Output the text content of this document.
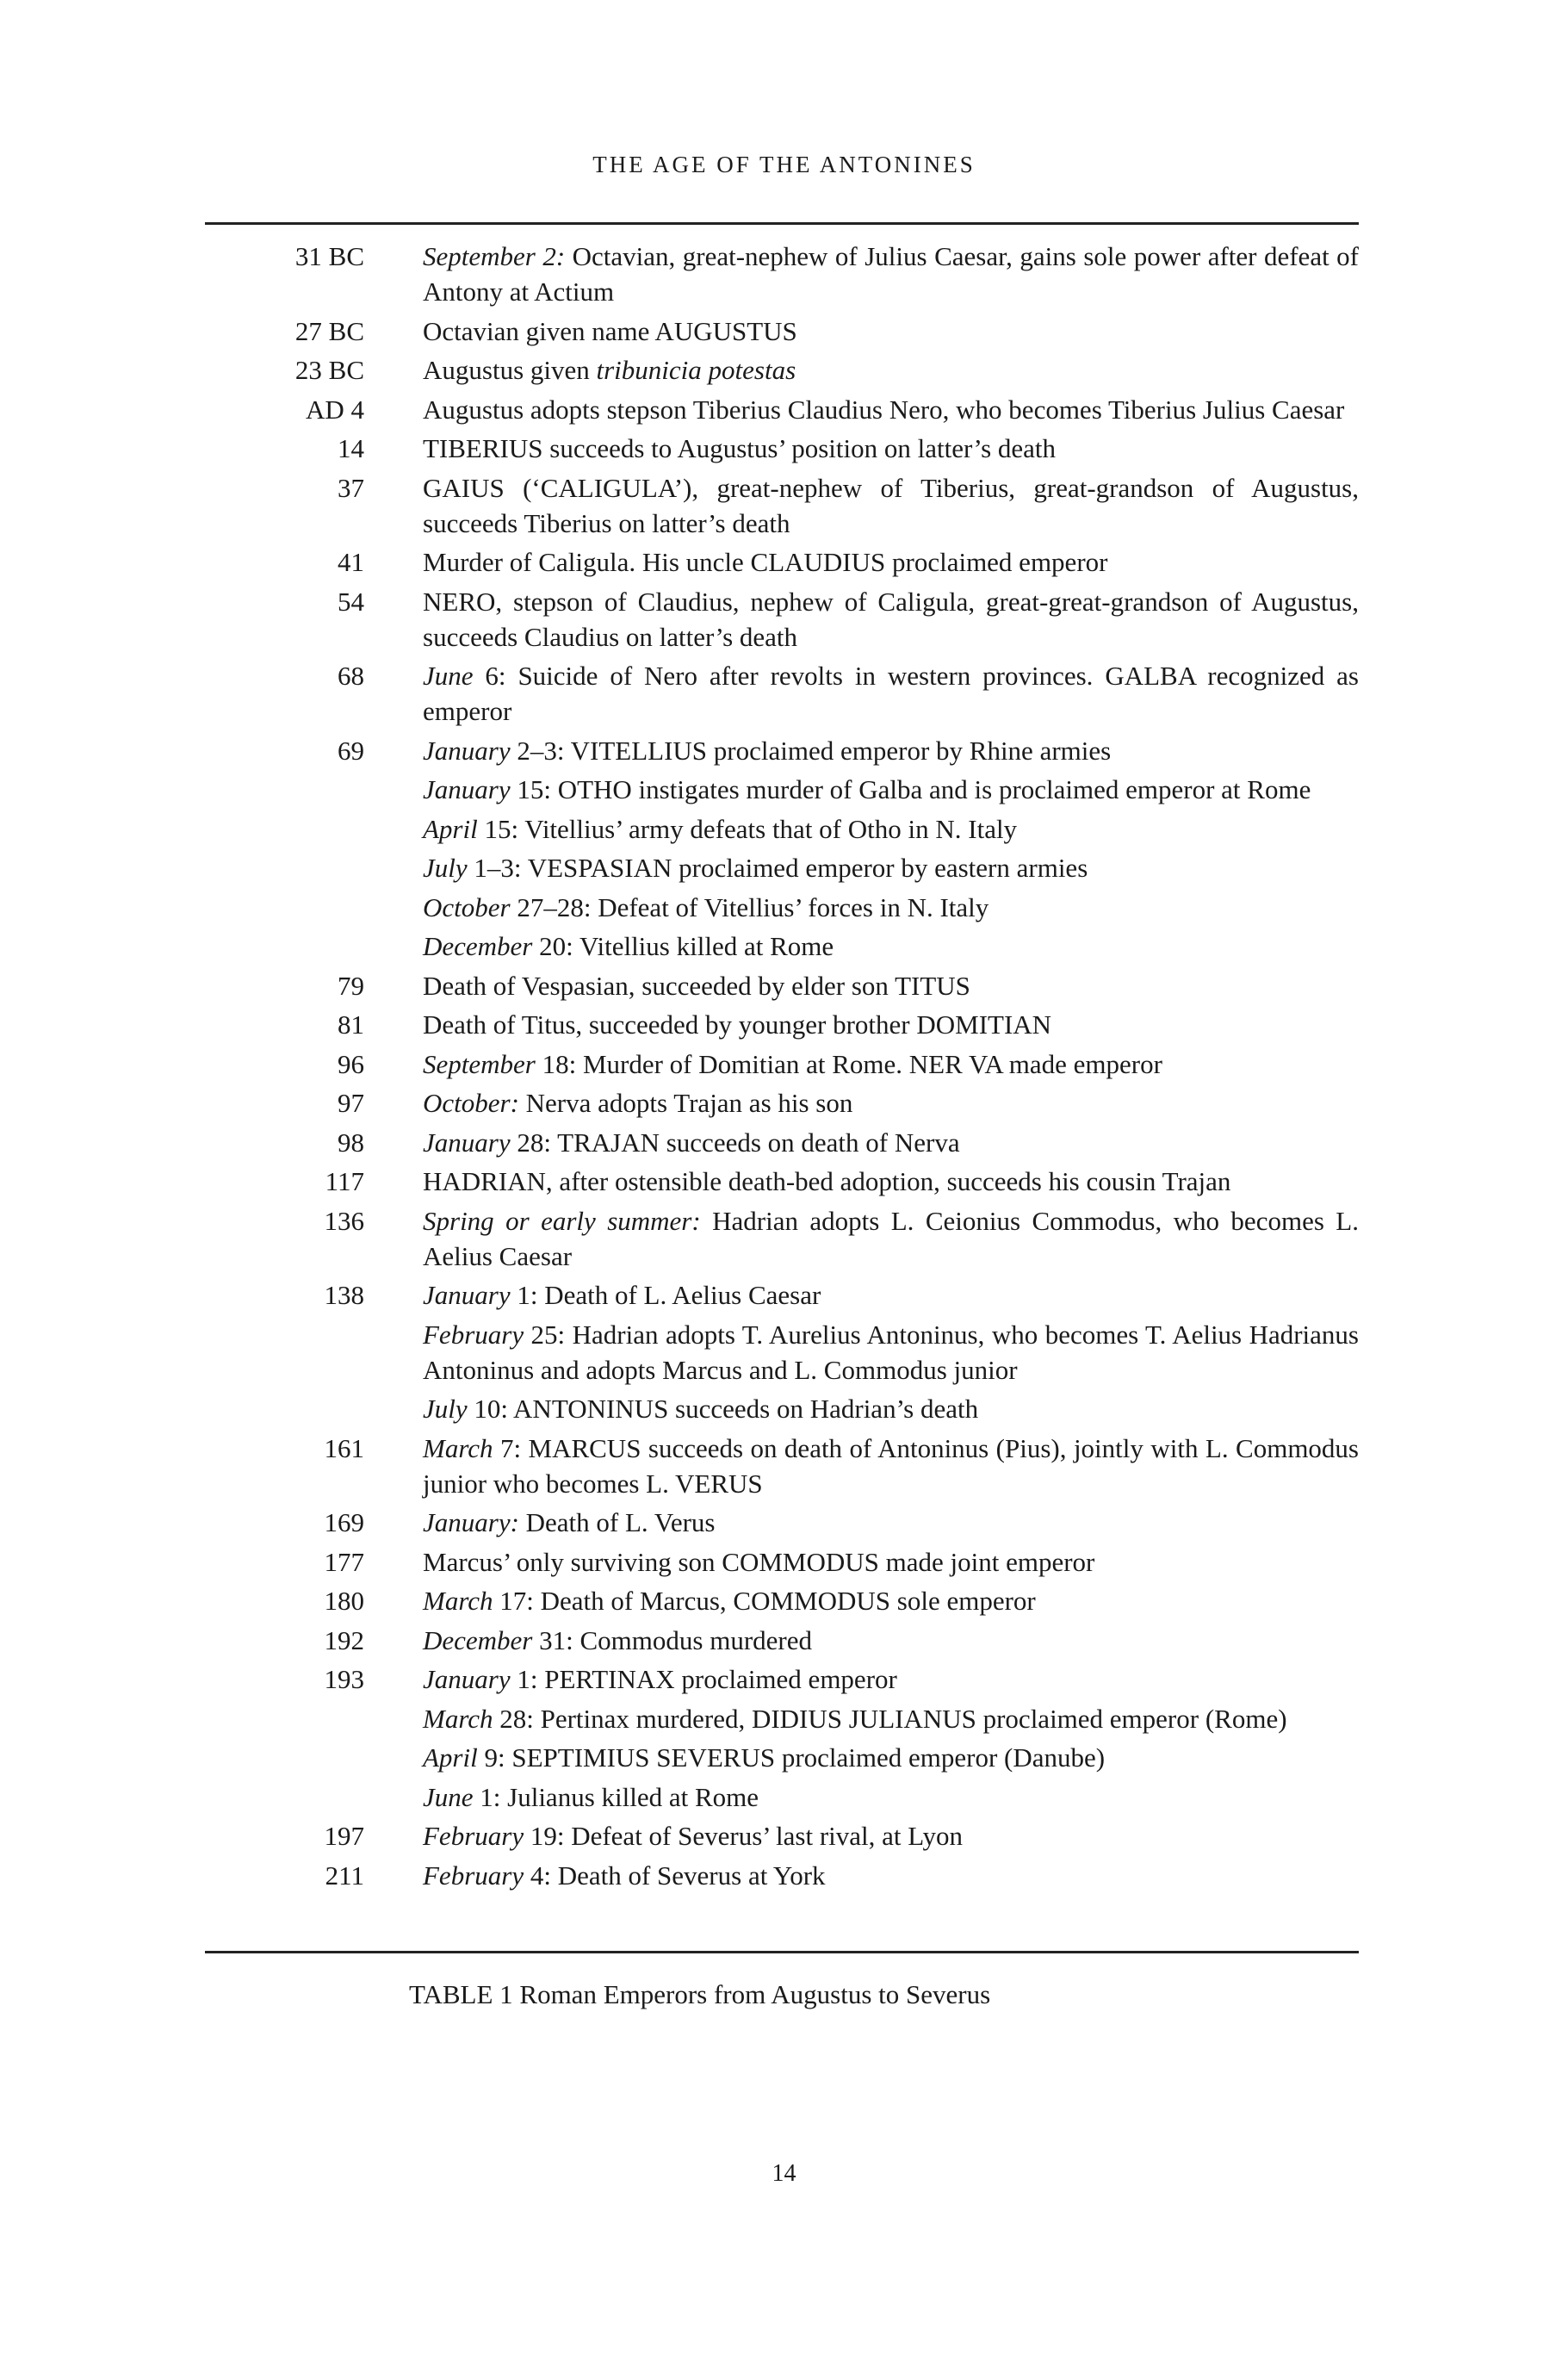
THE AGE OF THE ANTONINES
31 BC September 2: Octavian, great-nephew of Julius Caesar, gains sole power after defeat of Antony at Actium
27 BC Octavian given name AUGUSTUS
23 BC Augustus given tribunicia potestas
AD 4 Augustus adopts stepson Tiberius Claudius Nero, who becomes Tiberius Julius Caesar
14 TIBERIUS succeeds to Augustus’ position on latter’s death
37 GAIUS (‘CALIGULA’), great-nephew of Tiberius, great-grandson of Augustus, succeeds Tiberius on latter’s death
41 Murder of Caligula. His uncle CLAUDIUS proclaimed emperor
54 NERO, stepson of Claudius, nephew of Caligula, great-great-grandson of Augustus, succeeds Claudius on latter’s death
68 June 6: Suicide of Nero after revolts in western provinces. GALBA recognized as emperor
69 January 2–3: VITELLIUS proclaimed emperor by Rhine armies
January 15: OTHO instigates murder of Galba and is proclaimed emperor at Rome
April 15: Vitellius’ army defeats that of Otho in N. Italy
July 1–3: VESPASIAN proclaimed emperor by eastern armies
October 27–28: Defeat of Vitellius’ forces in N. Italy
December 20: Vitellius killed at Rome
79 Death of Vespasian, succeeded by elder son TITUS
81 Death of Titus, succeeded by younger brother DOMITIAN
96 September 18: Murder of Domitian at Rome. NER VA made emperor
97 October: Nerva adopts Trajan as his son
98 January 28: TRAJAN succeeds on death of Nerva
117 HADRIAN, after ostensible death-bed adoption, succeeds his cousin Trajan
136 Spring or early summer: Hadrian adopts L. Ceionius Commodus, who becomes L. Aelius Caesar
138 January 1: Death of L. Aelius Caesar
February 25: Hadrian adopts T. Aurelius Antoninus, who becomes T. Aelius Hadrianus Antoninus and adopts Marcus and L. Commodus junior
July 10: ANTONINUS succeeds on Hadrian’s death
161 March 7: MARCUS succeeds on death of Antoninus (Pius), jointly with L. Commodus junior who becomes L. VERUS
169 January: Death of L. Verus
177 Marcus’ only surviving son COMMODUS made joint emperor
180 March 17: Death of Marcus, COMMODUS sole emperor
192 December 31: Commodus murdered
193 January 1: PERTINAX proclaimed emperor
March 28: Pertinax murdered, DIDIUS JULIANUS proclaimed emperor (Rome)
April 9: SEPTIMIUS SEVERUS proclaimed emperor (Danube)
June 1: Julianus killed at Rome
197 February 19: Defeat of Severus’ last rival, at Lyon
211 February 4: Death of Severus at York
TABLE 1 Roman Emperors from Augustus to Severus
14
